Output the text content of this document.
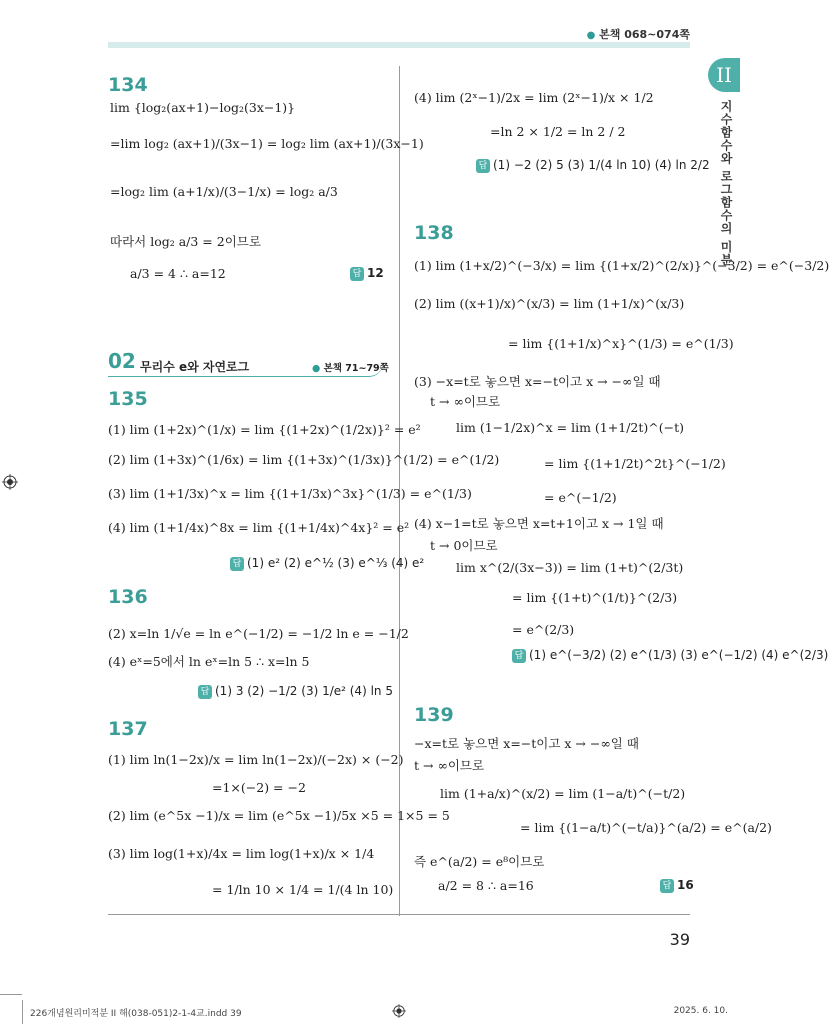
● 본책 068~074쪽
II
지수함수와 로그함수의 미분
134
lim {log₂(ax+1)−log₂(3x−1)}
=lim log₂ (ax+1)/(3x−1) = log₂ lim (ax+1)/(3x−1)
=log₂ lim (a+1/x)/(3−1/x) = log₂ a/3
따라서 log₂ a/3 = 2이므로
a/3 = 4 ∴ a=12	답 12
02 무리수 e와 자연로그	● 본책 71~79쪽
135
(1) lim (1+2x)^(1/x) = lim {(1+2x)^(1/2x)}² = e²
(2) lim (1+3x)^(1/6x) = lim {(1+3x)^(1/3x)}^(1/2) = e^(1/2)
(3) lim (1+1/3x)^x = lim {(1+1/3x)^3x}^(1/3) = e^(1/3)
(4) lim (1+1/4x)^8x = lim {(1+1/4x)^4x}² = e²
답 (1) e² (2) e^½ (3) e^⅓ (4) e²
136
(2) x=ln 1/√e = ln e^(−1/2) = −1/2 ln e = −1/2
(4) eˣ=5에서 ln eˣ=ln 5 ∴ x=ln 5
답 (1) 3 (2) −1/2 (3) 1/e² (4) ln 5
137
(1) lim ln(1−2x)/x = lim ln(1−2x)/(−2x) × (−2)
=1×(−2) = −2
(2) lim (e^5x −1)/x = lim (e^5x −1)/5x ×5 = 1×5 = 5
(3) lim log(1+x)/4x = lim log(1+x)/x × 1/4
= 1/ln 10 × 1/4 = 1/(4 ln 10)
(4) lim (2ˣ−1)/2x = lim (2ˣ−1)/x × 1/2
=ln 2 × 1/2 = ln 2 / 2
답 (1) −2 (2) 5 (3) 1/(4 ln 10) (4) ln 2/2
138
(1) lim (1+x/2)^(−3/x) = lim {(1+x/2)^(2/x)}^(−3/2) = e^(−3/2)
(2) lim ((x+1)/x)^(x/3) = lim (1+1/x)^(x/3)
= lim {(1+1/x)^x}^(1/3) = e^(1/3)
(3) −x=t로 놓으면 x=−t이고 x → −∞일 때
t → ∞이므로
lim (1−1/2x)^x = lim (1+1/2t)^(−t)
= lim {(1+1/2t)^2t}^(−1/2)
= e^(−1/2)
(4) x−1=t로 놓으면 x=t+1이고 x → 1일 때
t → 0이므로
lim x^(2/(3x−3)) = lim (1+t)^(2/3t)
= lim {(1+t)^(1/t)}^(2/3)
= e^(2/3)
답 (1) e^(−3/2) (2) e^(1/3) (3) e^(−1/2) (4) e^(2/3)
139
−x=t로 놓으면 x=−t이고 x → −∞일 때
t → ∞이므로
lim (1+a/x)^(x/2) = lim (1−a/t)^(−t/2)
= lim {(1−a/t)^(−t/a)}^(a/2) = e^(a/2)
즉 e^(a/2) = e⁸이므로
a/2 = 8 ∴ a=16	답 16
39
226개념원리미적분 II 해(038-051)2-1-4교.indd 39	2025. 6. 10.
